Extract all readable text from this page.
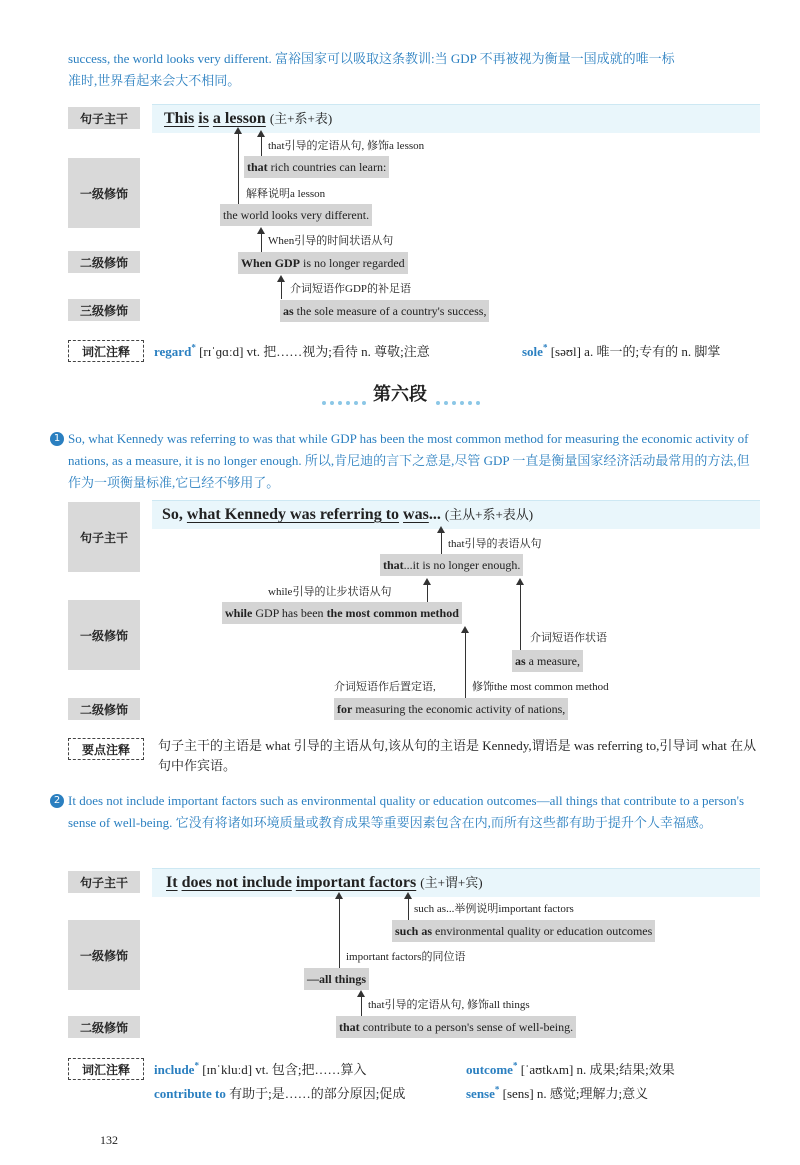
success, the world looks very different. 富裕国家可以吸取这条教训:当 GDP 不再被视为衡量一国成就的唯一标
准时,世界看起来会大不相同。
句子主干	This is a lesson (主+系+表)
一级修饰
二级修饰
三级修饰
that引导的定语从句, 修饰a lesson
that rich countries can learn:
解释说明a lesson
the world looks very different.
When引导的时间状语从句
When GDP is no longer regarded
介词短语作GDP的补足语
as the sole measure of a country's success,
词汇注释	regard* [rɪˈɡɑːd] vt. 把……视为;看待 n. 尊敬;注意	sole* [səʊl] a. 唯一的;专有的 n. 脚掌
第六段
1 So, what Kennedy was referring to was that while GDP has been the most common method for measuring the economic activity of nations, as a measure, it is no longer enough. 所以,肯尼迪的言下之意是,尽管 GDP 一直是衡量国家经济活动最常用的方法,但作为一项衡量标准,它已经不够用了。
句子主干
So, what Kennedy was referring to was... (主从+系+表从)
一级修饰
二级修饰
that引导的表语从句
that...it is no longer enough.
while引导的让步状语从句
while GDP has been the most common method
介词短语作状语
as a measure,
介词短语作后置定语,	修饰the most common method
for measuring the economic activity of nations,
要点注释	句子主干的主语是 what 引导的主语从句,该从句的主语是 Kennedy,谓语是 was referring to,引导词 what 在从句中作宾语。
2 It does not include important factors such as environmental quality or education outcomes—all things that contribute to a person's sense of well-being. 它没有将诸如环境质量或教育成果等重要因素包含在内,而所有这些都有助于提升个人幸福感。
句子主干	It does not include important factors (主+谓+宾)
一级修饰
二级修饰
such as...举例说明important factors
such as environmental quality or education outcomes
important factors的同位语
—all things
that引导的定语从句, 修饰all things
that contribute to a person's sense of well-being.
词汇注释	include* [ɪnˈkluːd] vt. 包含;把……算入	outcome* [ˈaʊtkʌm] n. 成果;结果;效果
contribute to 有助于;是……的部分原因;促成	sense* [sens] n. 感觉;理解力;意义
132
